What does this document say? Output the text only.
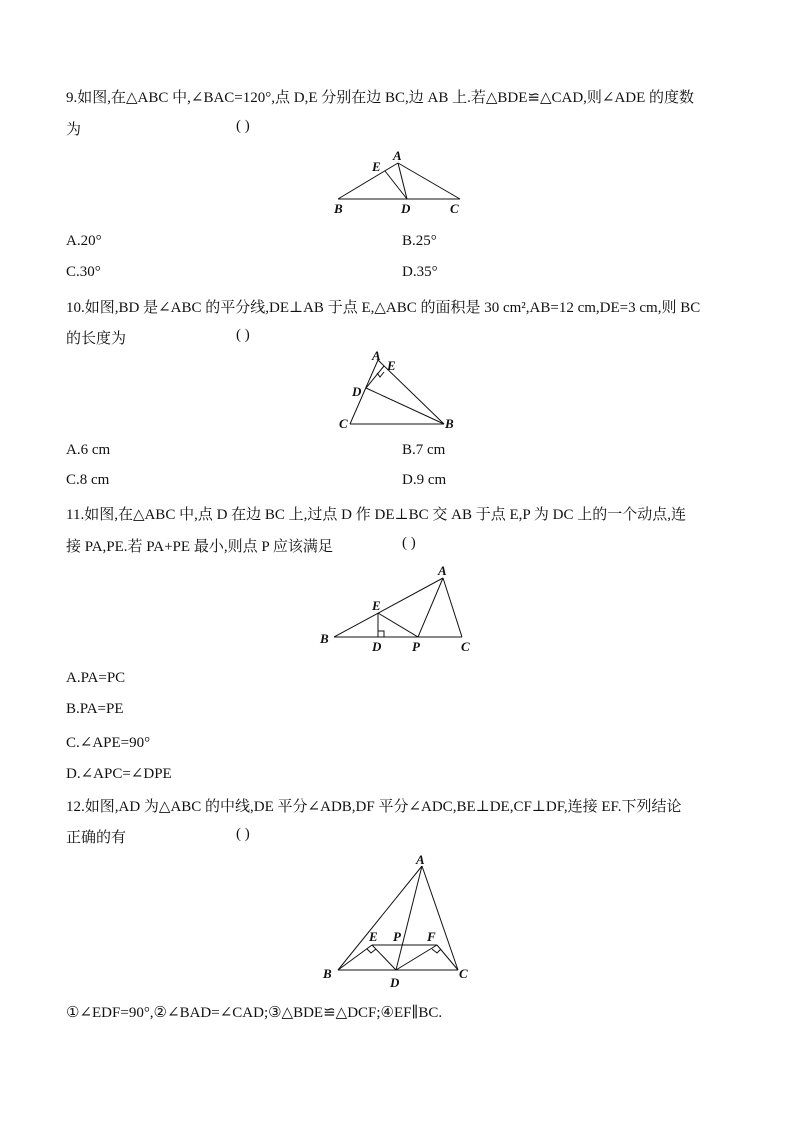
9.如图,在△ABC 中,∠BAC=120°,点 D,E 分别在边 BC,边 AB 上.若△BDE≌△CAD,则∠ADE 的度数
为	( )
E
A
B	D	C
A.20°	B.25°
C.30°	D.35°
10.如图,BD 是∠ABC 的平分线,DE⊥AB 于点 E,△ABC 的面积是 30 cm²,AB=12 cm,DE=3 cm,则 BC
的长度为	( )
A
E
D
C	B
A.6 cm	B.7 cm
C.8 cm	D.9 cm
11.如图,在△ABC 中,点 D 在边 BC 上,过点 D 作 DE⊥BC 交 AB 于点 E,P 为 DC 上的一个动点,连
接 PA,PE.若 PA+PE 最小,则点 P 应该满足	( )
A
E
B
D P	C
A.PA=PC
B.PA=PE
C.∠APE=90°
D.∠APC=∠DPE
12.如图,AD 为△ABC 的中线,DE 平分∠ADB,DF 平分∠ADC,BE⊥DE,CF⊥DF,连接 EF.下列结论
正确的有	( )
A
E P F
B
D
C
①∠EDF=90°,②∠BAD=∠CAD;③△BDE≌△DCF;④EF∥BC.
